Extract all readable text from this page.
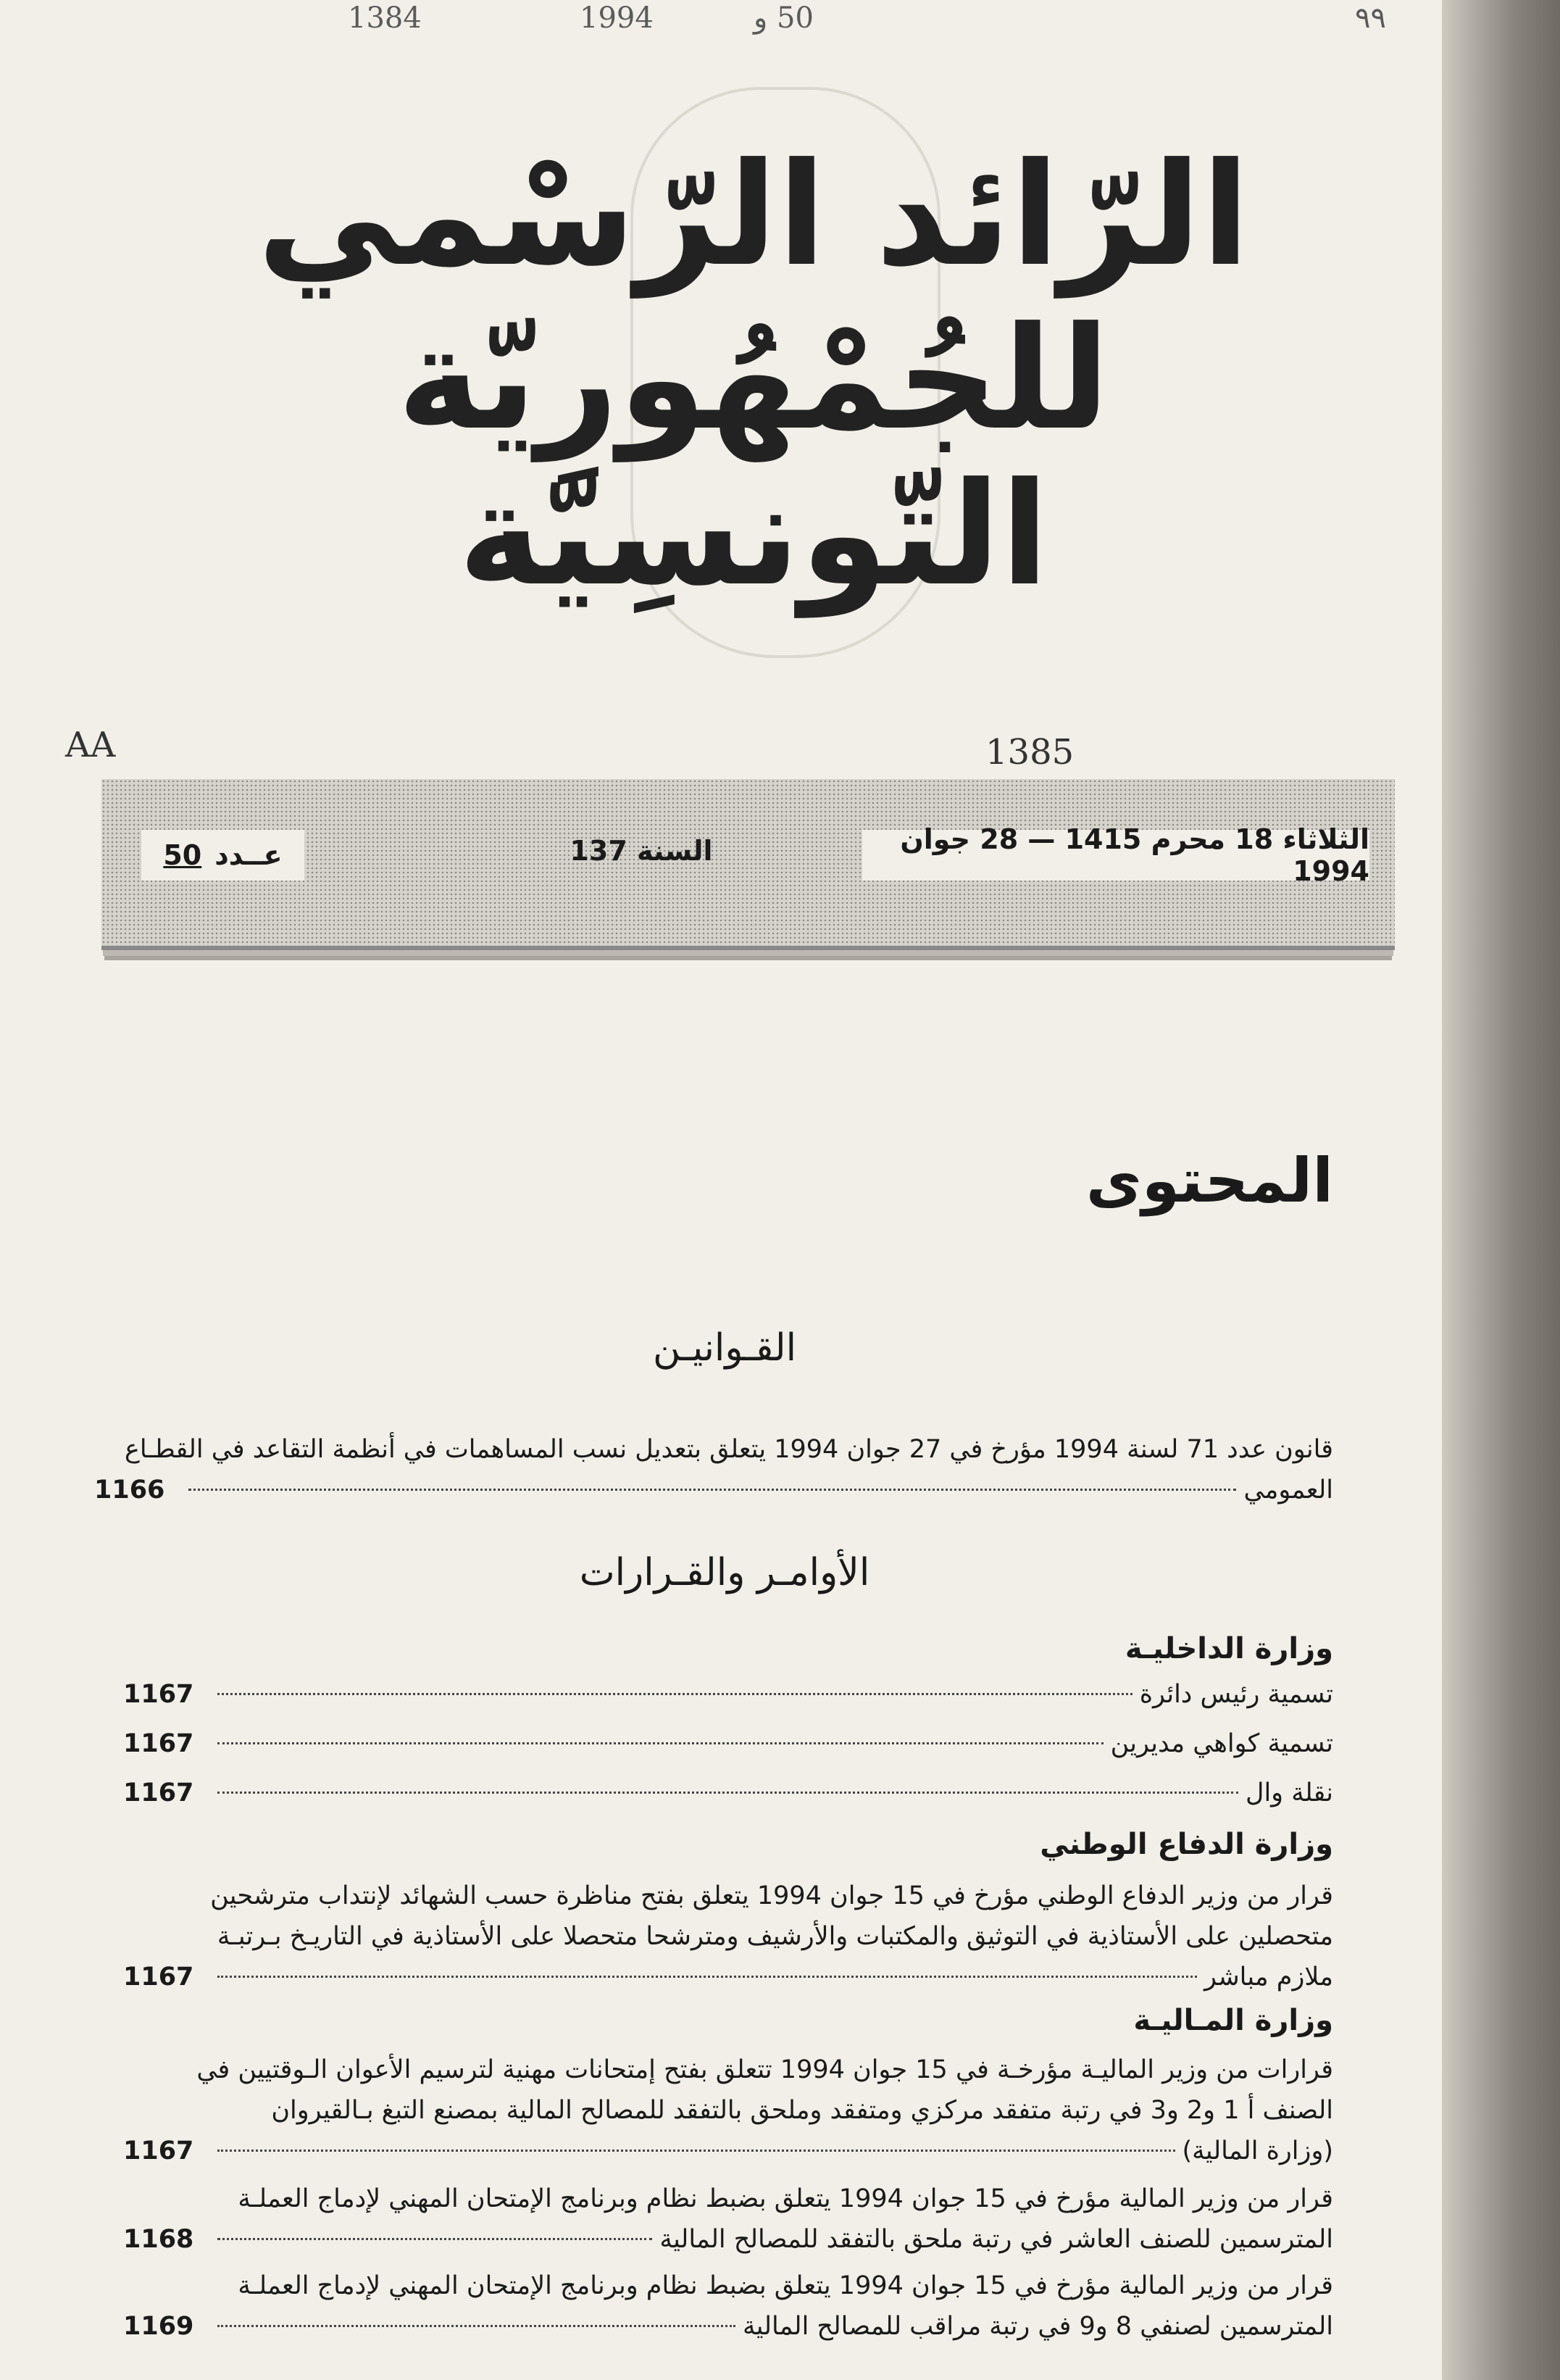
٩٩
50 و
1994
1384
الرّائد الرّسْمي
للجُمْهُورِيّة التّونسِيّة
AA	1385
الثلاثاء 18 محرم 1415 — 28 جوان 1994
السنة 137
عــدد
50
المحتوى
القـوانيـن
قانون عدد 71 لسنة 1994 مؤرخ في 27 جوان 1994 يتعلق بتعديل نسب المساهمات في أنظمة التقاعد في القطـاع
العمومي
1166
الأوامـر والقـرارات
وزارة الداخليـة
تسمية رئيس دائرة
1167
تسمية كواهي مديرين
1167
نقلة وال
1167
وزارة الدفاع الوطني
قرار من وزير الدفاع الوطني مؤرخ في 15 جوان 1994 يتعلق بفتح مناظرة حسب الشهائد لإنتداب مترشحين
متحصلين على الأستاذية في التوثيق والمكتبات والأرشيف ومترشحا متحصلا على الأستاذية في التاريـخ بـرتبـة
ملازم مباشر
1167
وزارة المـاليـة
قرارات من وزير الماليـة مؤرخـة في 15 جوان 1994 تتعلق بفتح إمتحانات مهنية لترسيم الأعوان الـوقتيين في
الصنف أ 1 و2 و3 في رتبة متفقد مركزي ومتفقد وملحق بالتفقد للمصالح المالية بمصنع التبغ بـالقيروان
(وزارة المالية)
1167
قرار من وزير المالية مؤرخ في 15 جوان 1994 يتعلق بضبط نظام وبرنامج الإمتحان المهني لإدماج العملـة
المترسمين للصنف العاشر في رتبة ملحق بالتفقد للمصالح المالية
1168
قرار من وزير المالية مؤرخ في 15 جوان 1994 يتعلق بضبط نظام وبرنامج الإمتحان المهني لإدماج العملـة
المترسمين لصنفي 8 و9 في رتبة مراقب للمصالح المالية
1169
